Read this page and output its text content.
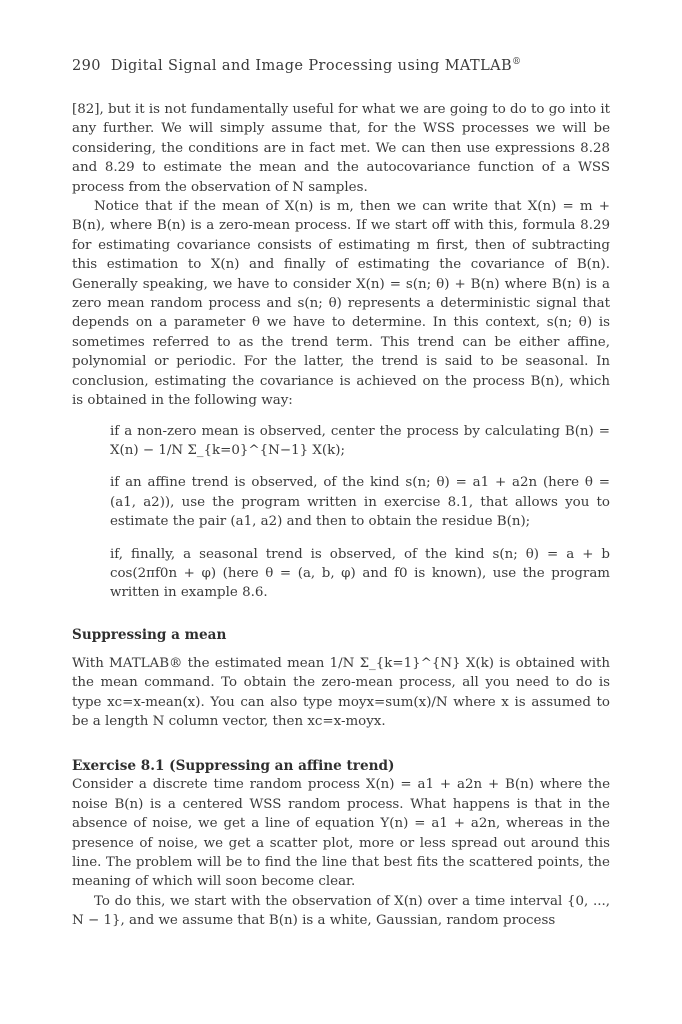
290 Digital Signal and Image Processing using MATLAB®

[82], but it is not fundamentally useful for what we are going to do to go into it any further. We will simply assume that, for the WSS processes we will be considering, the conditions are in fact met. We can then use expressions 8.28 and 8.29 to estimate the mean and the autocovariance function of a WSS process from the observation of N samples.

Notice that if the mean of X(n) is m, then we can write that X(n) = m + B(n), where B(n) is a zero-mean process. If we start off with this, formula 8.29 for estimating covariance consists of estimating m first, then of subtracting this estimation to X(n) and finally of estimating the covariance of B(n). Generally speaking, we have to consider X(n) = s(n; θ) + B(n) where B(n) is a zero mean random process and s(n; θ) represents a deterministic signal that depends on a parameter θ we have to determine. In this context, s(n; θ) is sometimes referred to as the trend term. This trend can be either affine, polynomial or periodic. For the latter, the trend is said to be seasonal. In conclusion, estimating the covariance is achieved on the process B(n), which is obtained in the following way:

if a non-zero mean is observed, center the process by calculating B(n) = X(n) − 1/N Σ_{k=0}^{N−1} X(k);

if an affine trend is observed, of the kind s(n; θ) = a1 + a2n (here θ = (a1, a2)), use the program written in exercise 8.1, that allows you to estimate the pair (a1, a2) and then to obtain the residue B(n);

if, finally, a seasonal trend is observed, of the kind s(n; θ) = a + b cos(2πf0n + φ) (here θ = (a, b, φ) and f0 is known), use the program written in example 8.6.

Suppressing a mean

With MATLAB® the estimated mean 1/N Σ_{k=1}^{N} X(k) is obtained with the mean command. To obtain the zero-mean process, all you need to do is type xc=x-mean(x). You can also type moyx=sum(x)/N where x is assumed to be a length N column vector, then xc=x-moyx.

Exercise 8.1 (Suppressing an affine trend)

Consider a discrete time random process X(n) = a1 + a2n + B(n) where the noise B(n) is a centered WSS random process. What happens is that in the absence of noise, we get a line of equation Y(n) = a1 + a2n, whereas in the presence of noise, we get a scatter plot, more or less spread out around this line. The problem will be to find the line that best fits the scattered points, the meaning of which will soon become clear.

To do this, we start with the observation of X(n) over a time interval {0, ..., N − 1}, and we assume that B(n) is a white, Gaussian, random process
